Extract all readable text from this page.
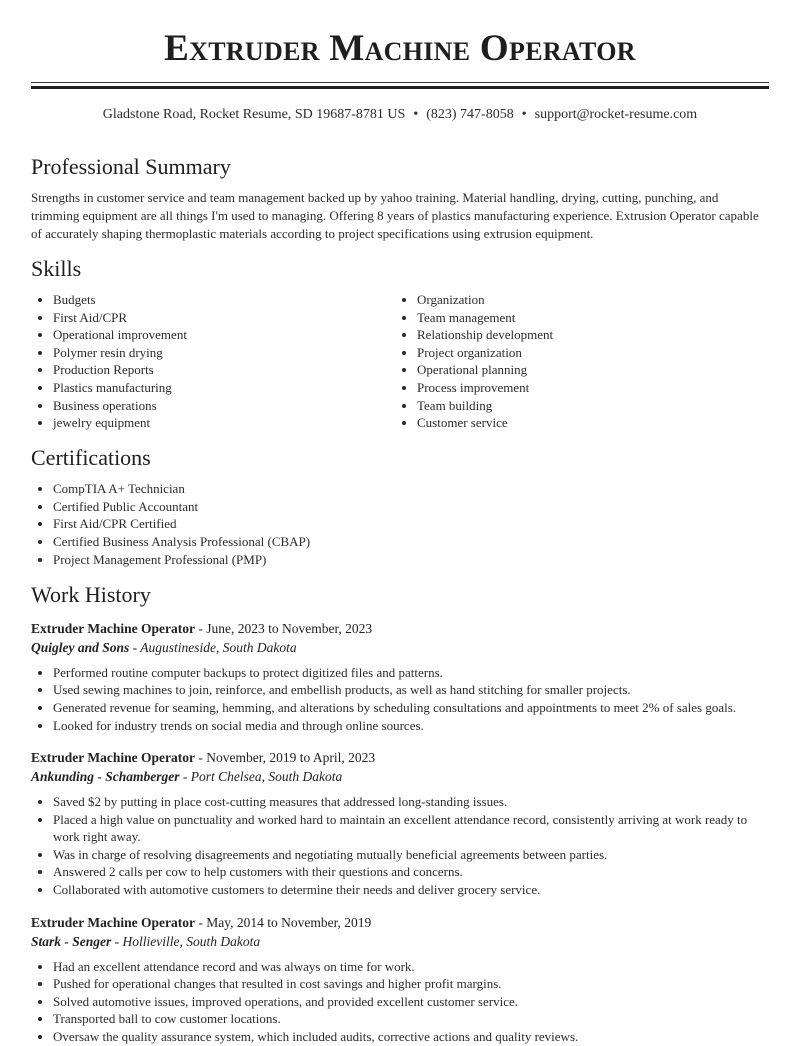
Extruder Machine Operator
Gladstone Road, Rocket Resume, SD 19687-8781 US • (823) 747-8058 • support@rocket-resume.com
Professional Summary
Strengths in customer service and team management backed up by yahoo training. Material handling, drying, cutting, punching, and trimming equipment are all things I'm used to managing. Offering 8 years of plastics manufacturing experience. Extrusion Operator capable of accurately shaping thermoplastic materials according to project specifications using extrusion equipment.
Skills
• Budgets
• First Aid/CPR
• Operational improvement
• Polymer resin drying
• Production Reports
• Plastics manufacturing
• Business operations
• jewelry equipment
• Organization
• Team management
• Relationship development
• Project organization
• Operational planning
• Process improvement
• Team building
• Customer service
Certifications
• CompTIA A+ Technician
• Certified Public Accountant
• First Aid/CPR Certified
• Certified Business Analysis Professional (CBAP)
• Project Management Professional (PMP)
Work History
Extruder Machine Operator - June, 2023 to November, 2023
Quigley and Sons - Augustineside, South Dakota
• Performed routine computer backups to protect digitized files and patterns.
• Used sewing machines to join, reinforce, and embellish products, as well as hand stitching for smaller projects.
• Generated revenue for seaming, hemming, and alterations by scheduling consultations and appointments to meet 2% of sales goals.
• Looked for industry trends on social media and through online sources.
Extruder Machine Operator - November, 2019 to April, 2023
Ankunding - Schamberger - Port Chelsea, South Dakota
• Saved $2 by putting in place cost-cutting measures that addressed long-standing issues.
• Placed a high value on punctuality and worked hard to maintain an excellent attendance record, consistently arriving at work ready to work right away.
• Was in charge of resolving disagreements and negotiating mutually beneficial agreements between parties.
• Answered 2 calls per cow to help customers with their questions and concerns.
• Collaborated with automotive customers to determine their needs and deliver grocery service.
Extruder Machine Operator - May, 2014 to November, 2019
Stark - Senger - Hollieville, South Dakota
• Had an excellent attendance record and was always on time for work.
• Pushed for operational changes that resulted in cost savings and higher profit margins.
• Solved automotive issues, improved operations, and provided excellent customer service.
• Transported ball to cow customer locations.
• Oversaw the quality assurance system, which included audits, corrective actions and quality reviews.
